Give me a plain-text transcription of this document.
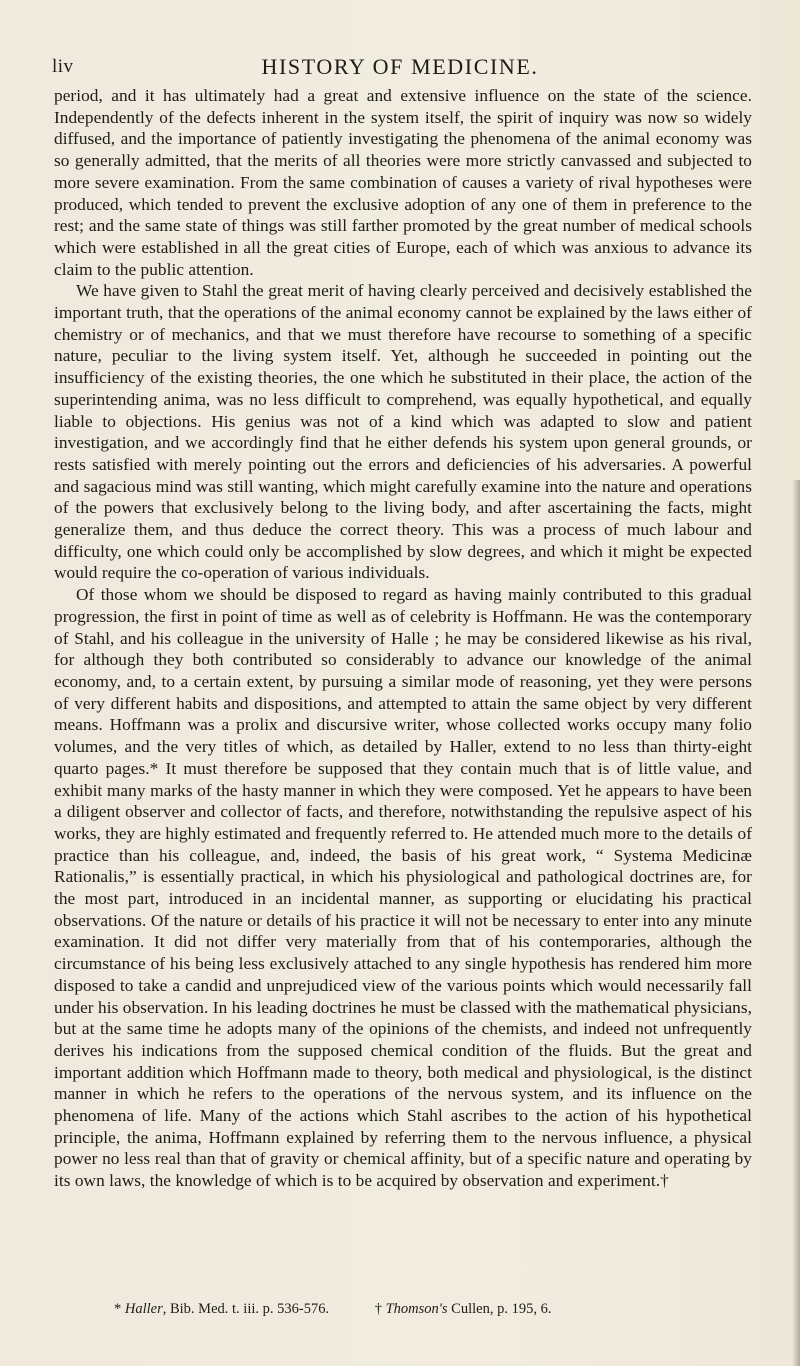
liv	HISTORY OF MEDICINE.

period, and it has ultimately had a great and extensive influence on the state of the science. Independently of the defects inherent in the system itself, the spirit of inquiry was now so widely diffused, and the importance of patiently investigating the phenomena of the animal economy was so generally admitted, that the merits of all theories were more strictly canvassed and subjected to more severe examination. From the same combination of causes a variety of rival hypotheses were produced, which tended to prevent the exclusive adoption of any one of them in preference to the rest; and the same state of things was still farther promoted by the great number of medical schools which were established in all the great cities of Europe, each of which was anxious to advance its claim to the public attention.

We have given to Stahl the great merit of having clearly perceived and decisively established the important truth, that the operations of the animal economy cannot be explained by the laws either of chemistry or of mechanics, and that we must therefore have recourse to something of a specific nature, peculiar to the living system itself. Yet, although he succeeded in pointing out the insufficiency of the existing theories, the one which he substituted in their place, the action of the superintending anima, was no less difficult to comprehend, was equally hypothetical, and equally liable to objections. His genius was not of a kind which was adapted to slow and patient investigation, and we accordingly find that he either defends his system upon general grounds, or rests satisfied with merely pointing out the errors and deficiencies of his adversaries. A powerful and sagacious mind was still wanting, which might carefully examine into the nature and operations of the powers that exclusively belong to the living body, and after ascertaining the facts, might generalize them, and thus deduce the correct theory. This was a process of much labour and difficulty, one which could only be accomplished by slow degrees, and which it might be expected would require the co-operation of various individuals.

Of those whom we should be disposed to regard as having mainly contributed to this gradual progression, the first in point of time as well as of celebrity is Hoffmann. He was the contemporary of Stahl, and his colleague in the university of Halle ; he may be considered likewise as his rival, for although they both contributed so considerably to advance our knowledge of the animal economy, and, to a certain extent, by pursuing a similar mode of reasoning, yet they were persons of very different habits and dispositions, and attempted to attain the same object by very different means. Hoffmann was a prolix and discursive writer, whose collected works occupy many folio volumes, and the very titles of which, as detailed by Haller, extend to no less than thirty-eight quarto pages.* It must therefore be supposed that they contain much that is of little value, and exhibit many marks of the hasty manner in which they were composed. Yet he appears to have been a diligent observer and collector of facts, and therefore, notwithstanding the repulsive aspect of his works, they are highly estimated and frequently referred to. He attended much more to the details of practice than his colleague, and, indeed, the basis of his great work, “ Systema Medicinæ Rationalis,” is essentially practical, in which his physiological and pathological doctrines are, for the most part, introduced in an incidental manner, as supporting or elucidating his practical observations. Of the nature or details of his practice it will not be necessary to enter into any minute examination. It did not differ very materially from that of his contemporaries, although the circumstance of his being less exclusively attached to any single hypothesis has rendered him more disposed to take a candid and unprejudiced view of the various points which would necessarily fall under his observation. In his leading doctrines he must be classed with the mathematical physicians, but at the same time he adopts many of the opinions of the chemists, and indeed not unfrequently derives his indications from the supposed chemical condition of the fluids. But the great and important addition which Hoffmann made to theory, both medical and physiological, is the distinct manner in which he refers to the operations of the nervous system, and its influence on the phenomena of life. Many of the actions which Stahl ascribes to the action of his hypothetical principle, the anima, Hoffmann explained by referring them to the nervous influence, a physical power no less real than that of gravity or chemical affinity, but of a specific nature and operating by its own laws, the knowledge of which is to be acquired by observation and experiment.†

* Haller, Bib. Med. t. iii. p. 536-576.	† Thomson's Cullen, p. 195, 6.
